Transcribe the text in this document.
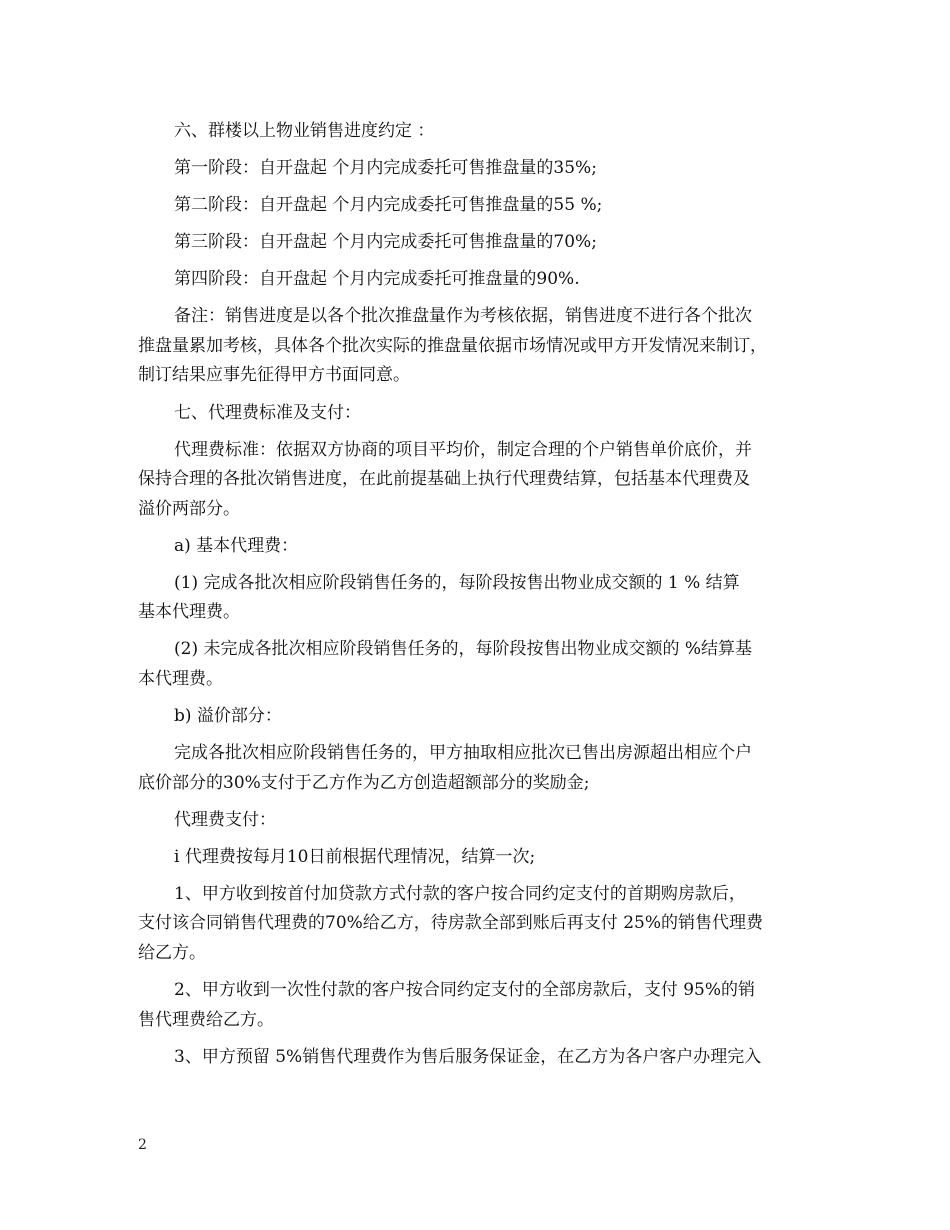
六、群楼以上物业销售进度约定 ：
第一阶段：自开盘起 个月内完成委托可售推盘量的35%;
第二阶段：自开盘起 个月内完成委托可售推盘量的55 %;
第三阶段：自开盘起 个月内完成委托可售推盘量的70%;
第四阶段：自开盘起 个月内完成委托可推盘量的90%.
备注：销售进度是以各个批次推盘量作为考核依据，销售进度不进行各个批次
推盘量累加考核，具体各个批次实际的推盘量依据市场情况或甲方开发情况来制订，
制订结果应事先征得甲方书面同意。
七、代理费标准及支付：
代理费标准：依据双方协商的项目平均价，制定合理的个户销售单价底价，并
保持合理的各批次销售进度，在此前提基础上执行代理费结算，包括基本代理费及
溢价两部分。
a) 基本代理费：
(1) 完成各批次相应阶段销售任务的，每阶段按售出物业成交额的 1 % 结算
基本代理费。
(2) 未完成各批次相应阶段销售任务的，每阶段按售出物业成交额的 %结算基
本代理费。
b) 溢价部分：
完成各批次相应阶段销售任务的，甲方抽取相应批次已售出房源超出相应个户
底价部分的30%支付于乙方作为乙方创造超额部分的奖励金;
代理费支付：
i 代理费按每月10日前根据代理情况，结算一次;
1、甲方收到按首付加贷款方式付款的客户按合同约定支付的首期购房款后，
支付该合同销售代理费的70%给乙方，待房款全部到账后再支付 25%的销售代理费
给乙方。
2、甲方收到一次性付款的客户按合同约定支付的全部房款后，支付 95%的销
售代理费给乙方。
3、甲方预留 5%销售代理费作为售后服务保证金，在乙方为各户客户办理完入
2
